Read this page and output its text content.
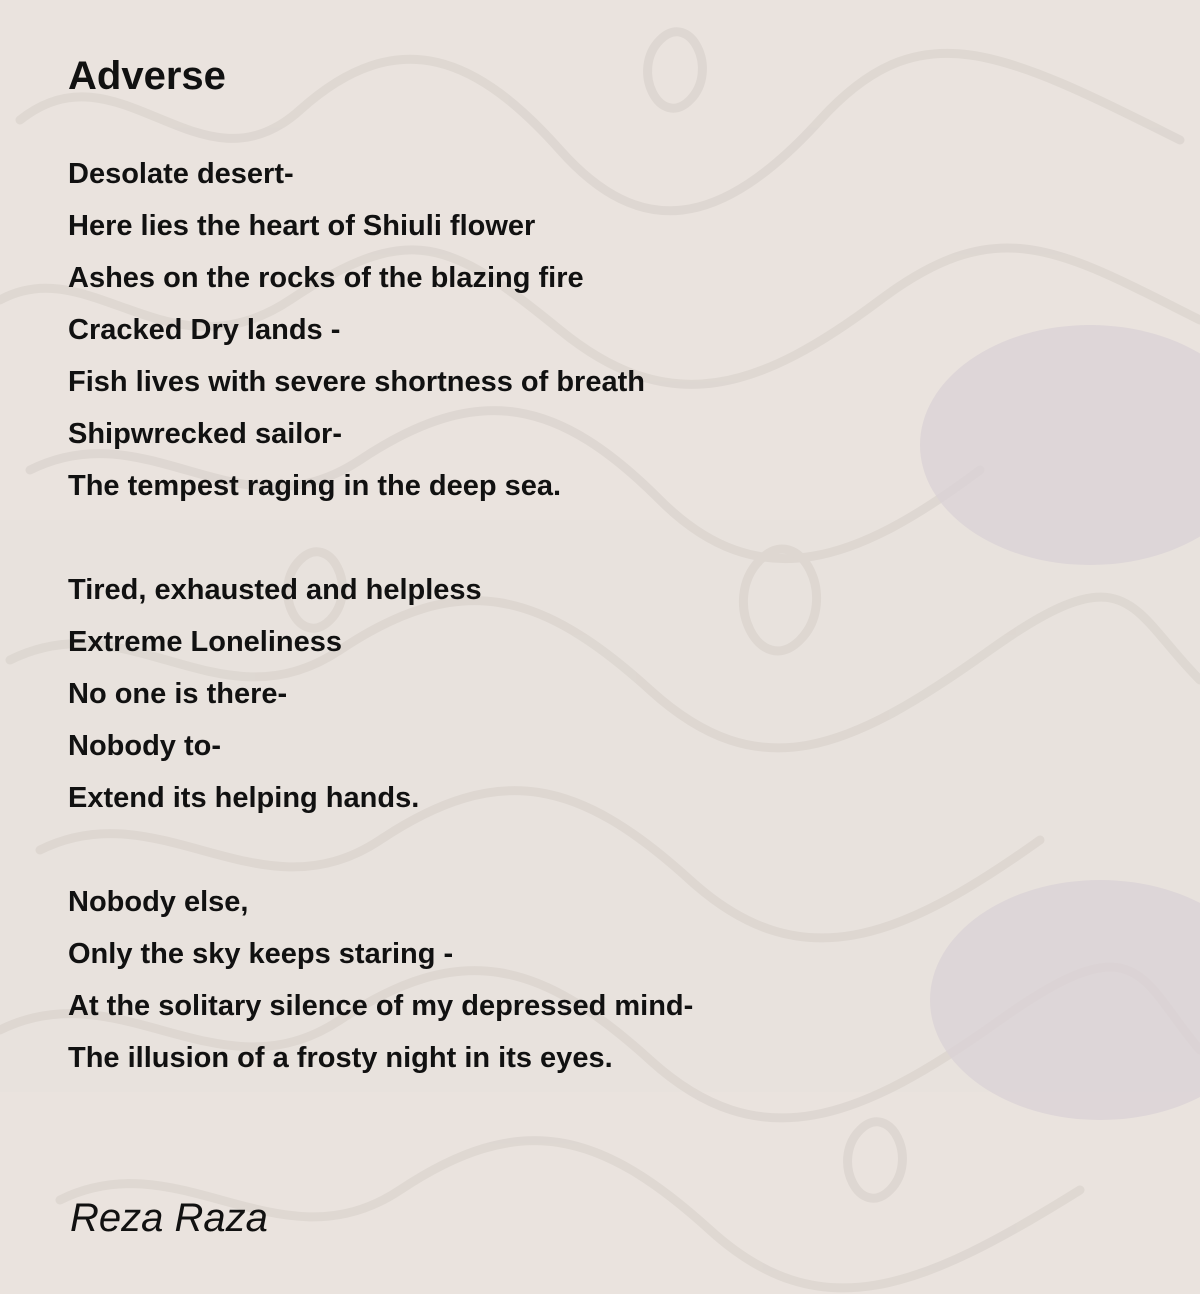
Adverse
Desolate desert-
Here lies the heart of Shiuli flower
Ashes on the rocks of the blazing fire
Cracked Dry lands -
Fish lives with severe shortness of breath
Shipwrecked sailor-
The tempest raging in the deep sea.
Tired, exhausted and helpless
Extreme Loneliness
No one is there-
Nobody to-
Extend its helping hands.
Nobody else,
Only the sky keeps staring -
At the solitary silence of my depressed mind-
The illusion of a frosty night in its eyes.

Reza Raza
